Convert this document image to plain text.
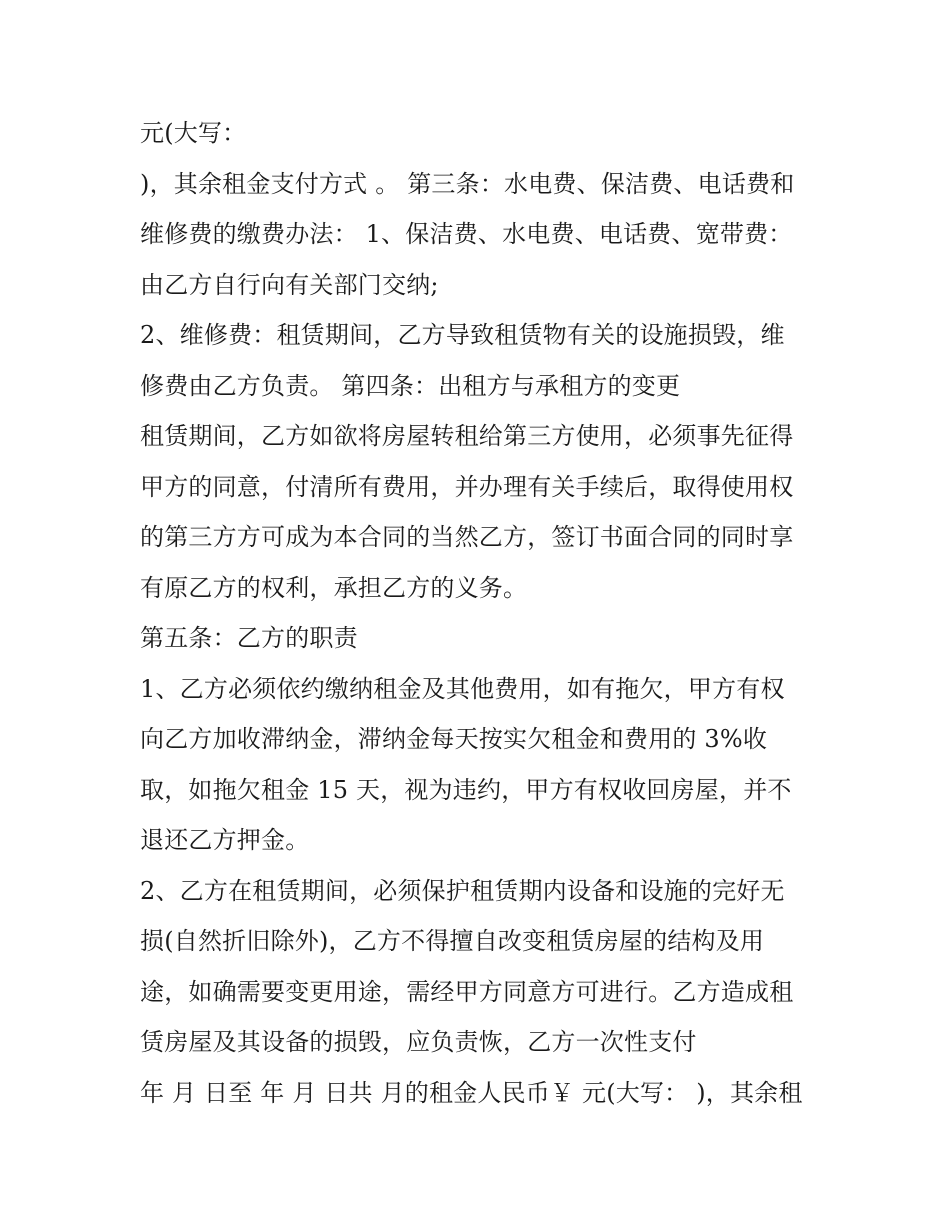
元(大写：
)，其余租金支付方式 。 第三条：水电费、保洁费、电话费和
维修费的缴费办法： 1、保洁费、水电费、电话费、宽带费：
由乙方自行向有关部门交纳;
2、维修费：租赁期间，乙方导致租赁物有关的设施损毁，维
修费由乙方负责。 第四条：出租方与承租方的变更
租赁期间，乙方如欲将房屋转租给第三方使用，必须事先征得
甲方的同意，付清所有费用，并办理有关手续后，取得使用权
的第三方方可成为本合同的当然乙方，签订书面合同的同时享
有原乙方的权利，承担乙方的义务。
第五条：乙方的职责
1、乙方必须依约缴纳租金及其他费用，如有拖欠，甲方有权
向乙方加收滞纳金，滞纳金每天按实欠租金和费用的 3%收
取，如拖欠租金 15 天，视为违约，甲方有权收回房屋，并不
退还乙方押金。
2、乙方在租赁期间，必须保护租赁期内设备和设施的完好无
损(自然折旧除外)，乙方不得擅自改变租赁房屋的结构及用
途，如确需要变更用途，需经甲方同意方可进行。乙方造成租
赁房屋及其设备的损毁，应负责恢，乙方一次性支付
年 月 日至 年 月 日共 月的租金人民币￥ 元(大写： )，其余租
